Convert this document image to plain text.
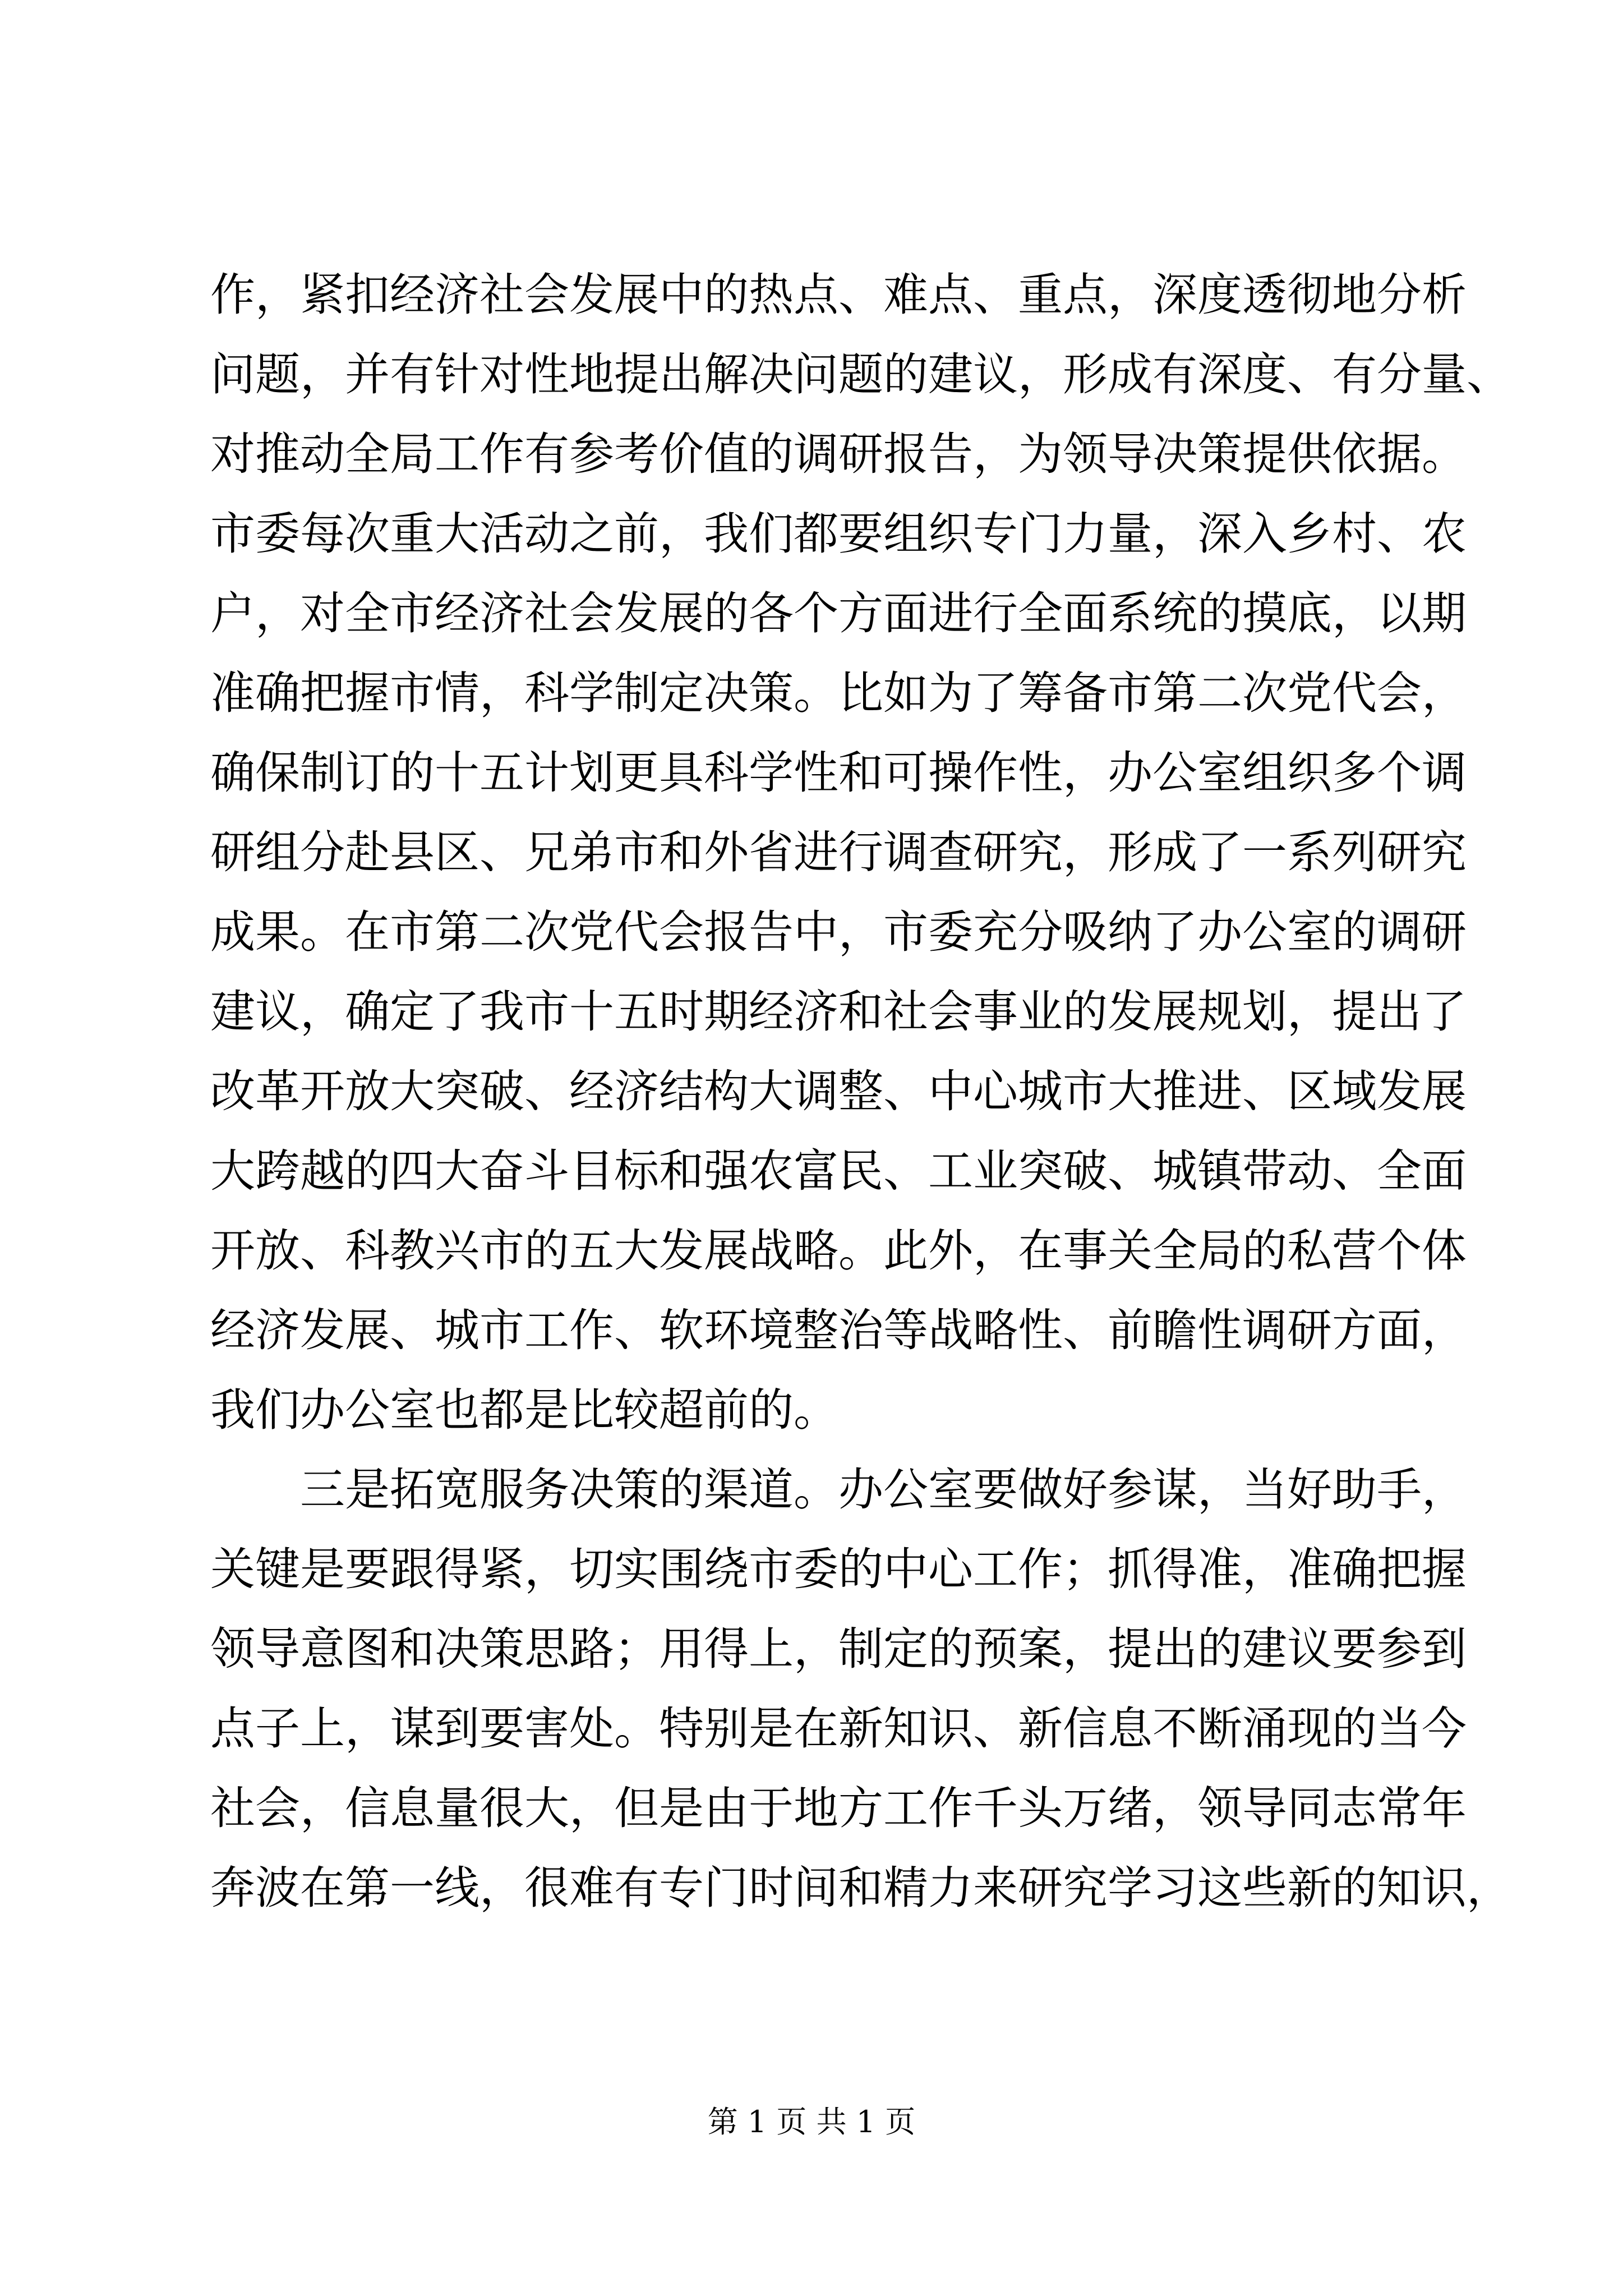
作，紧扣经济社会发展中的热点、难点、重点，深度透彻地分析
问题，并有针对性地提出解决问题的建议，形成有深度、有分量、
对推动全局工作有参考价值的调研报告，为领导决策提供依据。
市委每次重大活动之前，我们都要组织专门力量，深入乡村、农
户，对全市经济社会发展的各个方面进行全面系统的摸底，以期
准确把握市情，科学制定决策。比如为了筹备市第二次党代会，
确保制订的十五计划更具科学性和可操作性，办公室组织多个调
研组分赴县区、兄弟市和外省进行调查研究，形成了一系列研究
成果。在市第二次党代会报告中，市委充分吸纳了办公室的调研
建议，确定了我市十五时期经济和社会事业的发展规划，提出了
改革开放大突破、经济结构大调整、中心城市大推进、区域发展
大跨越的四大奋斗目标和强农富民、工业突破、城镇带动、全面
开放、科教兴市的五大发展战略。此外，在事关全局的私营个体
经济发展、城市工作、软环境整治等战略性、前瞻性调研方面，
我们办公室也都是比较超前的。
三是拓宽服务决策的渠道。办公室要做好参谋，当好助手，
关键是要跟得紧，切实围绕市委的中心工作；抓得准，准确把握
领导意图和决策思路；用得上，制定的预案，提出的建议要参到
点子上，谋到要害处。特别是在新知识、新信息不断涌现的当今
社会，信息量很大，但是由于地方工作千头万绪，领导同志常年
奔波在第一线，很难有专门时间和精力来研究学习这些新的知识，
第 1 页 共 1 页
